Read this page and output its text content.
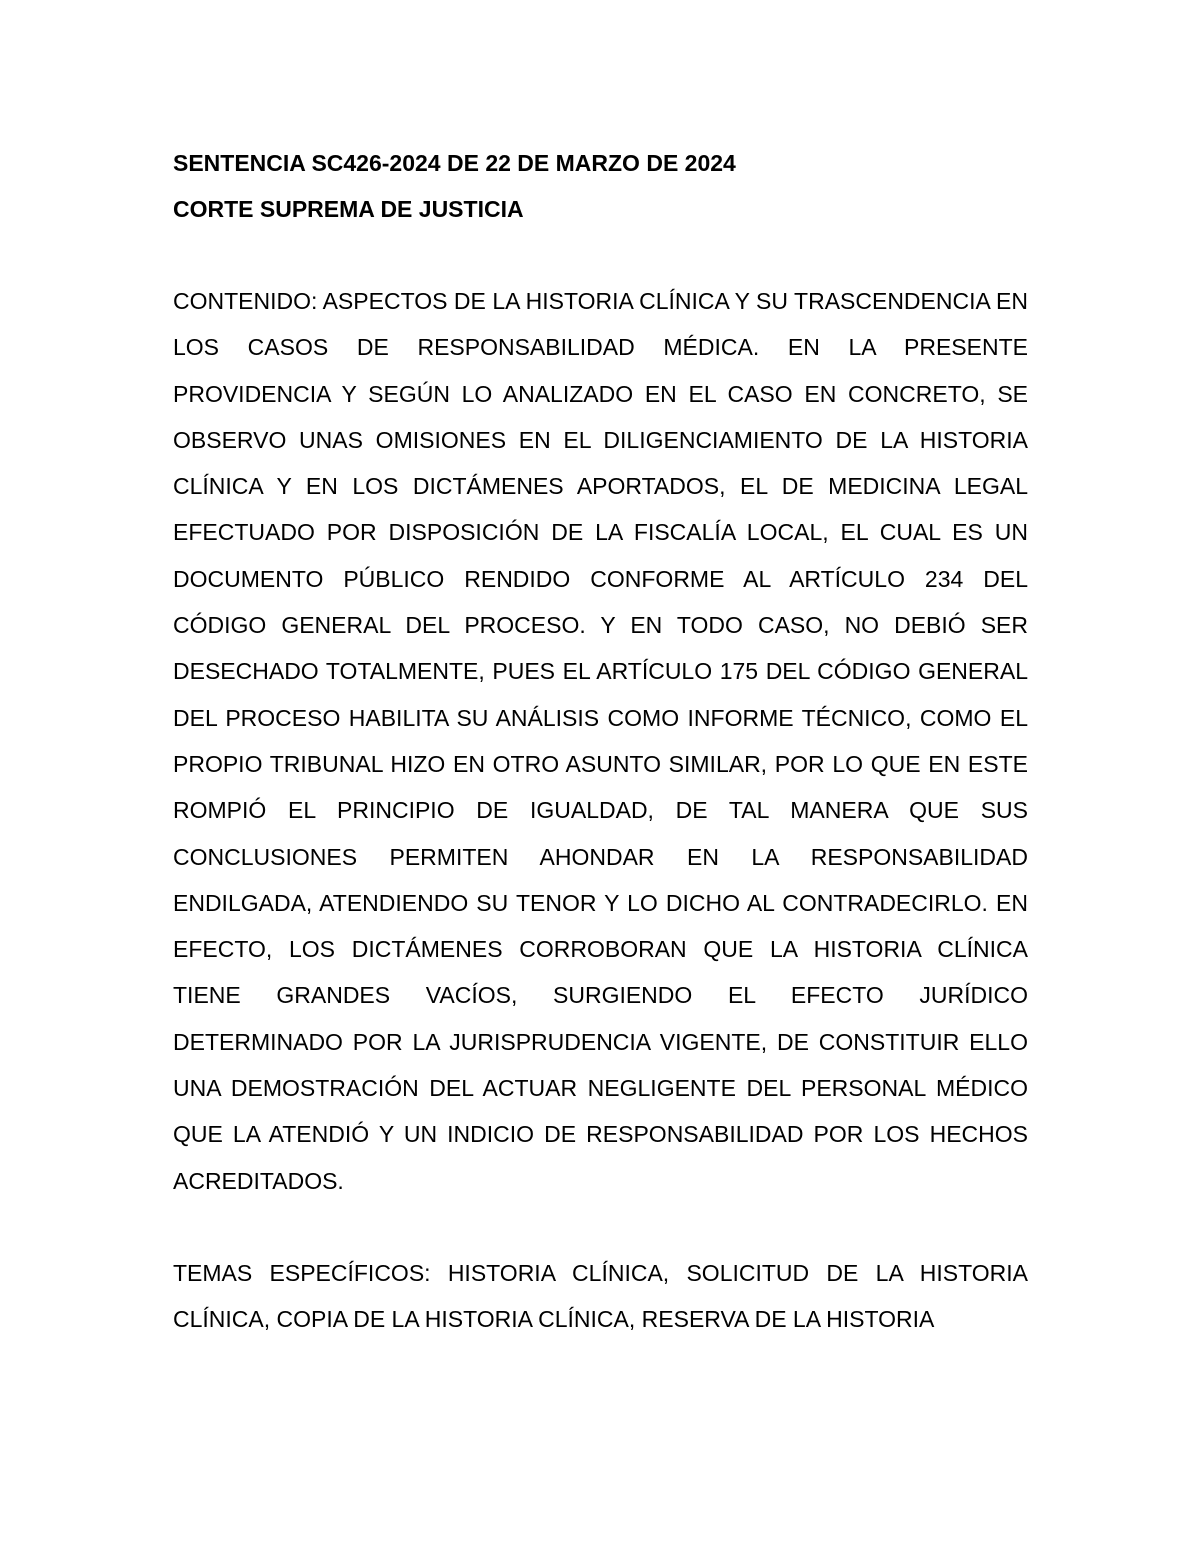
SENTENCIA SC426-2024 DE 22 DE MARZO DE 2024

CORTE SUPREMA DE JUSTICIA

CONTENIDO: ASPECTOS DE LA HISTORIA CLÍNICA Y SU TRASCENDENCIA EN LOS CASOS DE RESPONSABILIDAD MÉDICA. EN LA PRESENTE PROVIDENCIA Y SEGÚN LO ANALIZADO EN EL CASO EN CONCRETO, SE OBSERVO UNAS OMISIONES EN EL DILIGENCIAMIENTO DE LA HISTORIA CLÍNICA Y EN LOS DICTÁMENES APORTADOS, EL DE MEDICINA LEGAL EFECTUADO POR DISPOSICIÓN DE LA FISCALÍA LOCAL, EL CUAL ES UN DOCUMENTO PÚBLICO RENDIDO CONFORME AL ARTÍCULO 234 DEL CÓDIGO GENERAL DEL PROCESO. Y EN TODO CASO, NO DEBIÓ SER DESECHADO TOTALMENTE, PUES EL ARTÍCULO 175 DEL CÓDIGO GENERAL DEL PROCESO HABILITA SU ANÁLISIS COMO INFORME TÉCNICO, COMO EL PROPIO TRIBUNAL HIZO EN OTRO ASUNTO SIMILAR, POR LO QUE EN ESTE ROMPIÓ EL PRINCIPIO DE IGUALDAD, DE TAL MANERA QUE SUS CONCLUSIONES PERMITEN AHONDAR EN LA RESPONSABILIDAD ENDILGADA, ATENDIENDO SU TENOR Y LO DICHO AL CONTRADECIRLO. EN EFECTO, LOS DICTÁMENES CORROBORAN QUE LA HISTORIA CLÍNICA TIENE GRANDES VACÍOS, SURGIENDO EL EFECTO JURÍDICO DETERMINADO POR LA JURISPRUDENCIA VIGENTE, DE CONSTITUIR ELLO UNA DEMOSTRACIÓN DEL ACTUAR NEGLIGENTE DEL PERSONAL MÉDICO QUE LA ATENDIÓ Y UN INDICIO DE RESPONSABILIDAD POR LOS HECHOS ACREDITADOS.

TEMAS ESPECÍFICOS: HISTORIA CLÍNICA, SOLICITUD DE LA HISTORIA CLÍNICA, COPIA DE LA HISTORIA CLÍNICA, RESERVA DE LA HISTORIA
